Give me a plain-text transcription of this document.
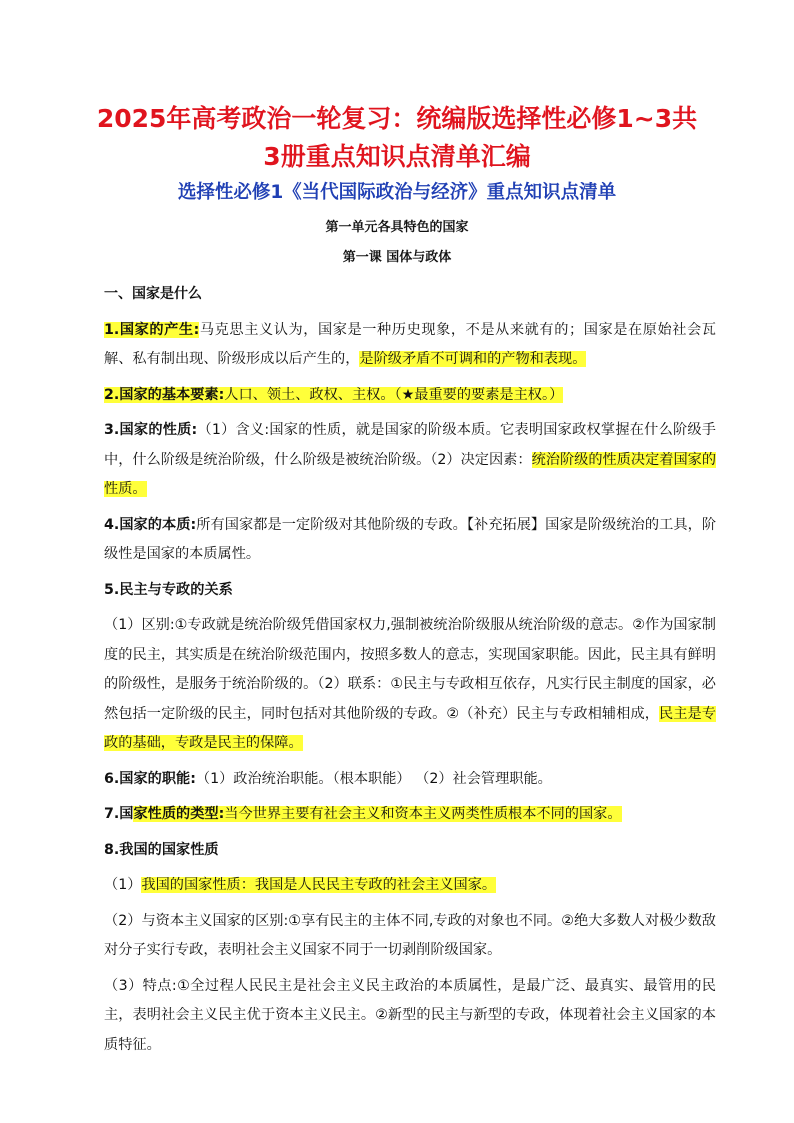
2025年高考政治一轮复习：统编版选择性必修1~3共
3册重点知识点清单汇编
选择性必修1《当代国际政治与经济》重点知识点清单
第一单元各具特色的国家
第一课 国体与政体

一、国家是什么

1.国家的产生:马克思主义认为，国家是一种历史现象，不是从来就有的；国家是在原始社会瓦解、私有制出现、阶级形成以后产生的，是阶级矛盾不可调和的产物和表现。

2.国家的基本要素:人口、领土、政权、主权。（★最重要的要素是主权。）

3.国家的性质:（1）含义:国家的性质，就是国家的阶级本质。它表明国家政权掌握在什么阶级手中，什么阶级是统治阶级，什么阶级是被统治阶级。（2）决定因素：统治阶级的性质决定着国家的性质。

4.国家的本质:所有国家都是一定阶级对其他阶级的专政。【补充拓展】国家是阶级统治的工具，阶级性是国家的本质属性。

5.民主与专政的关系

（1）区别:①专政就是统治阶级凭借国家权力,强制被统治阶级服从统治阶级的意志。②作为国家制度的民主，其实质是在统治阶级范围内，按照多数人的意志，实现国家职能。因此，民主具有鲜明的阶级性，是服务于统治阶级的。（2）联系：①民主与专政相互依存，凡实行民主制度的国家，必然包括一定阶级的民主，同时包括对其他阶级的专政。②（补充）民主与专政相辅相成，民主是专政的基础，专政是民主的保障。

6.国家的职能:（1）政治统治职能。（根本职能） （2）社会管理职能。

7.国家性质的类型:当今世界主要有社会主义和资本主义两类性质根本不同的国家。

8.我国的国家性质

（1）我国的国家性质：我国是人民民主专政的社会主义国家。

（2）与资本主义国家的区别:①享有民主的主体不同,专政的对象也不同。②绝大多数人对极少数敌对分子实行专政，表明社会主义国家不同于一切剥削阶级国家。

（3）特点:①全过程人民民主是社会主义民主政治的本质属性，是最广泛、最真实、最管用的民主，表明社会主义民主优于资本主义民主。②新型的民主与新型的专政，体现着社会主义国家的本质特征。
